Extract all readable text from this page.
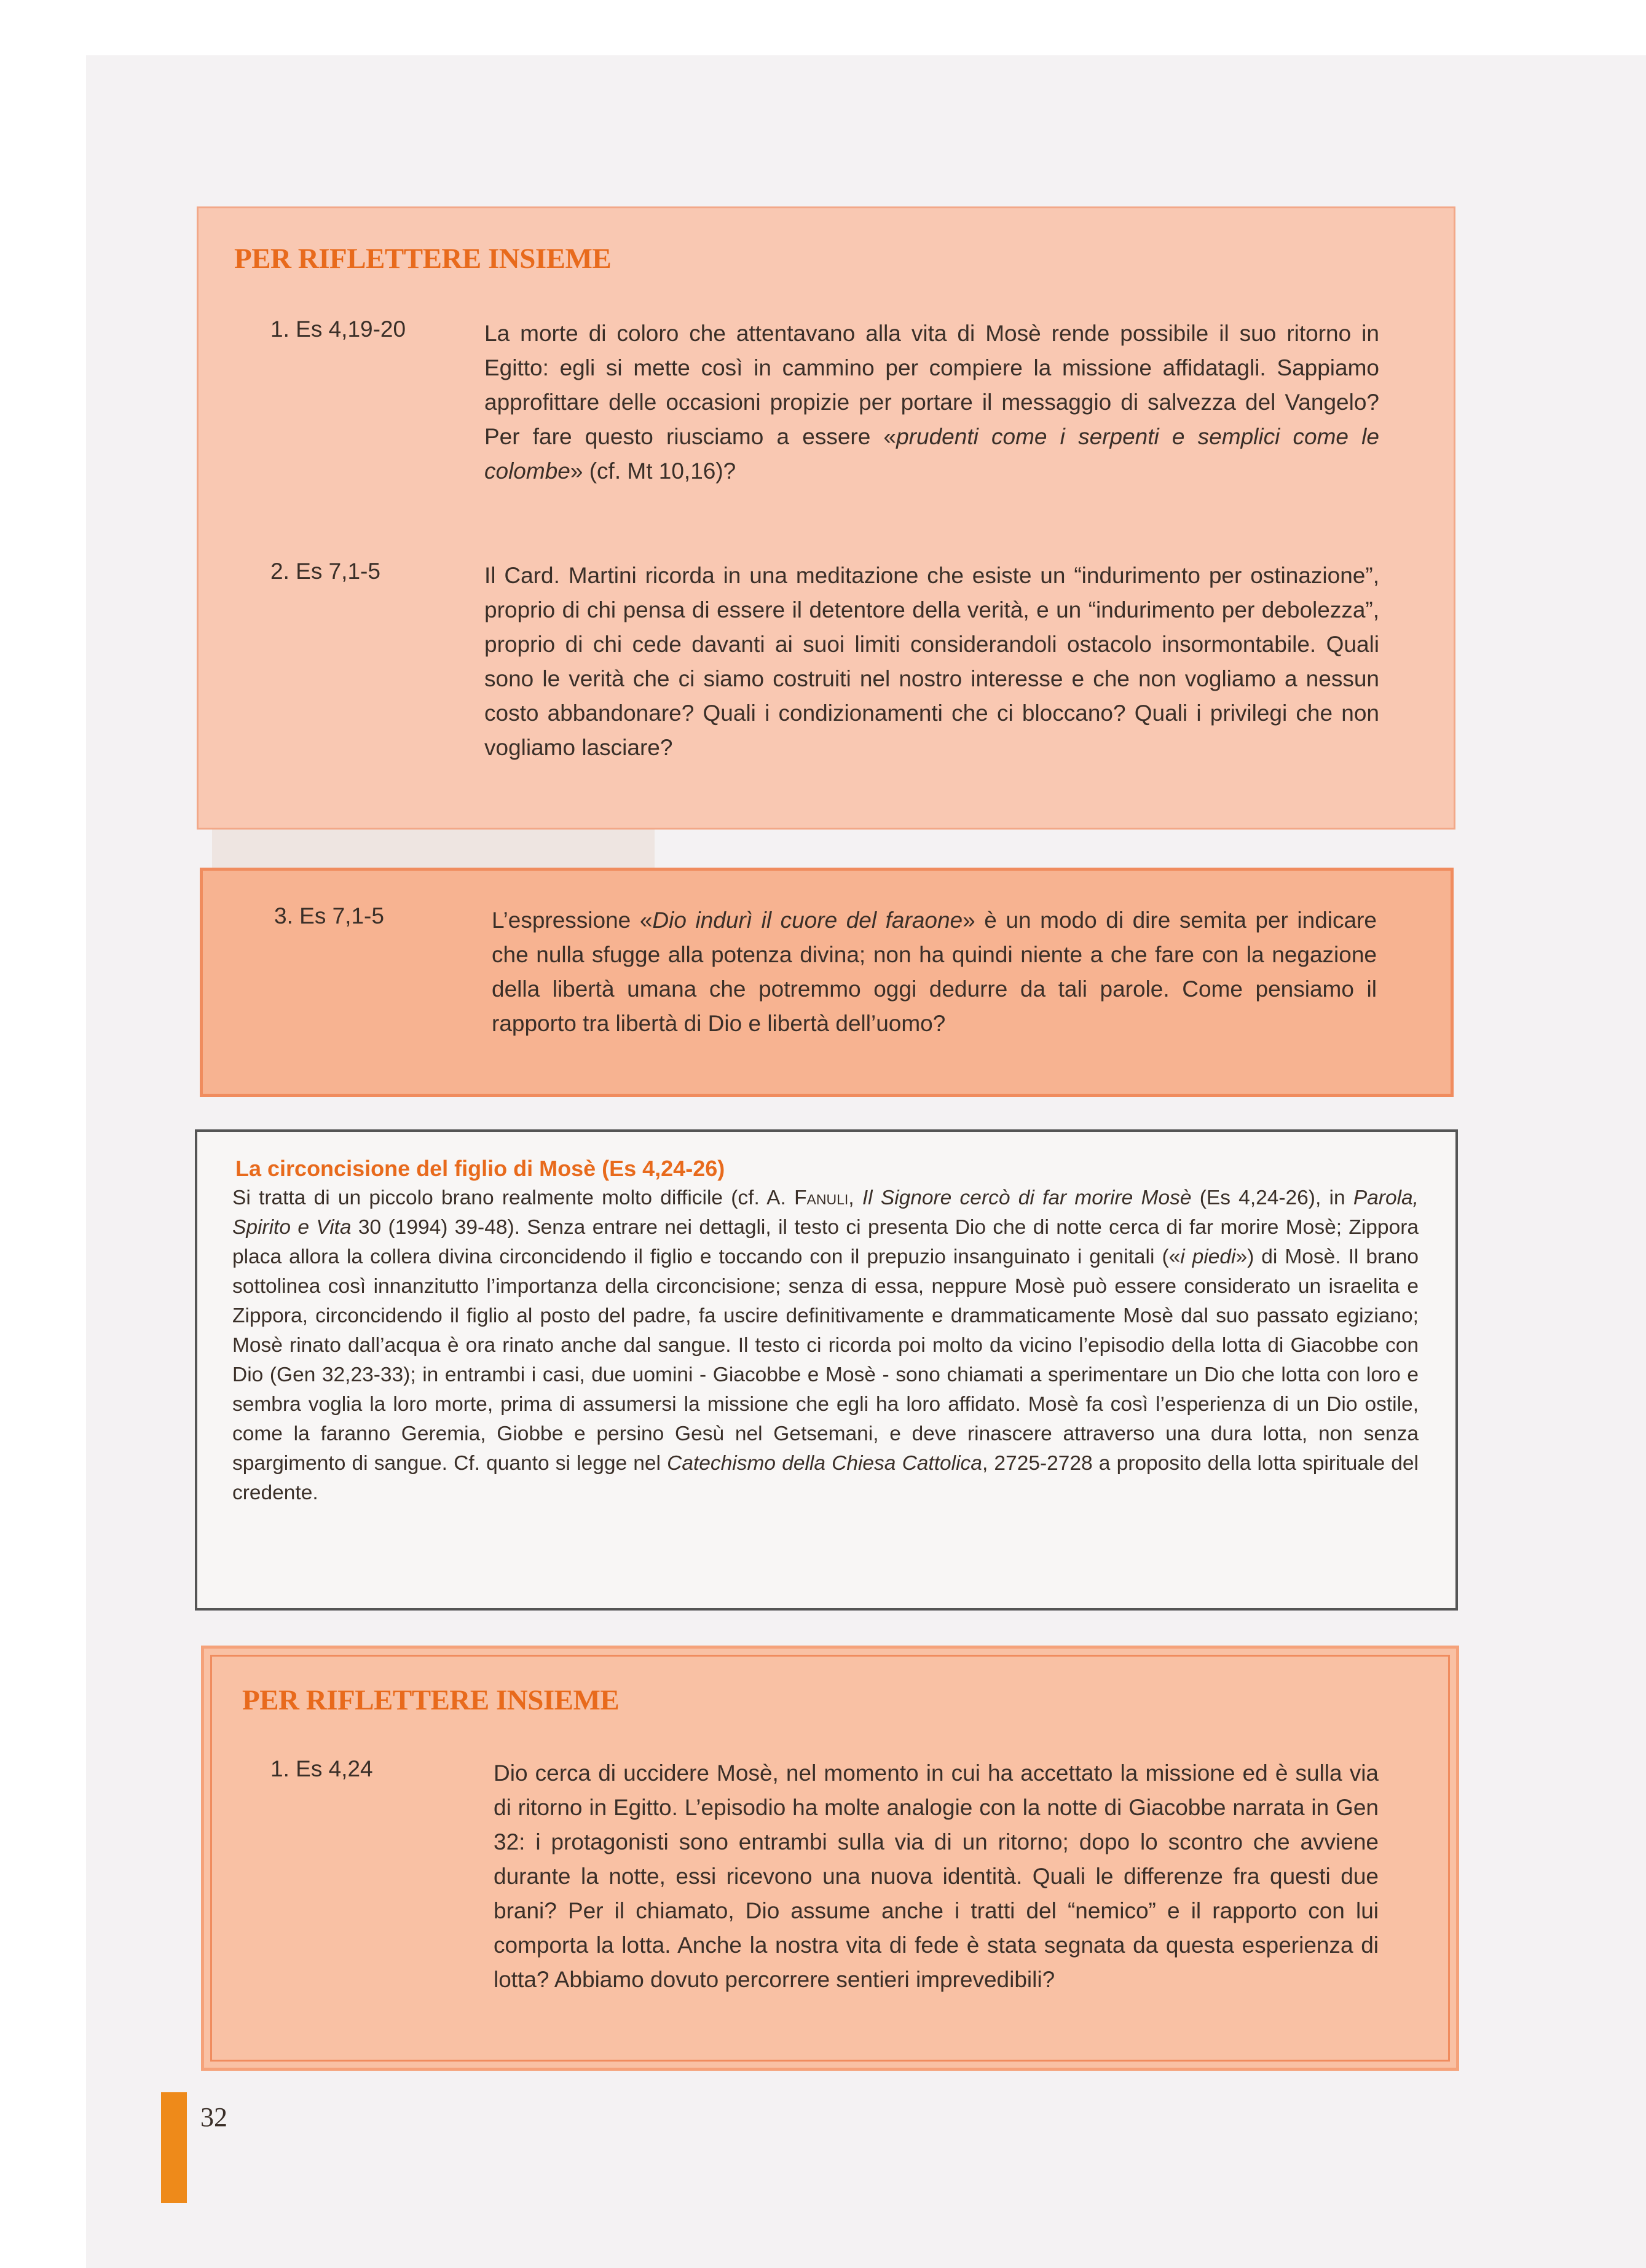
PER RIFLETTERE INSIEME
1. Es 4,19-20	La morte di coloro che attentavano alla vita di Mosè rende possibile il suo ritorno in Egitto: egli si mette così in cammino per compiere la missione affidatagli. Sappiamo approfittare delle occasioni propizie per portare il messaggio di salvezza del Vangelo? Per fare questo riusciamo a essere «prudenti come i serpenti e semplici come le colombe» (cf. Mt 10,16)?

2. Es 7,1-5	Il Card. Martini ricorda in una meditazione che esiste un “indurimento per ostinazione”, proprio di chi pensa di essere il detentore della verità, e un “indurimento per debolezza”, proprio di chi cede davanti ai suoi limiti considerandoli ostacolo insormontabile. Quali sono le verità che ci siamo costruiti nel nostro interesse e che non vogliamo a nessun costo abbandonare? Quali i condizionamenti che ci bloccano? Quali i privilegi che non vogliamo lasciare?

3. Es 7,1-5	L’espressione «Dio indurì il cuore del faraone» è un modo di dire semita per indicare che nulla sfugge alla potenza divina; non ha quindi niente a che fare con la negazione della libertà umana che potremmo oggi dedurre da tali parole. Come pensiamo il rapporto tra libertà di Dio e libertà dell’uomo?

La circoncisione del figlio di Mosè (Es 4,24-26)

Si tratta di un piccolo brano realmente molto difficile (cf. A. Fanuli, Il Signore cercò di far morire Mosè (Es 4,24-26), in Parola, Spirito e Vita 30 (1994) 39-48). Senza entrare nei dettagli, il testo ci presenta Dio che di notte cerca di far morire Mosè; Zippora placa allora la collera divina circoncidendo il figlio e toccando con il prepuzio insanguinato i genitali («i piedi») di Mosè. Il brano sottolinea così innanzitutto l’importanza della circoncisione; senza di essa, neppure Mosè può essere considerato un israelita e Zippora, circoncidendo il figlio al posto del padre, fa uscire definitivamente e drammaticamente Mosè dal suo passato egiziano; Mosè rinato dall’acqua è ora rinato anche dal sangue. Il testo ci ricorda poi molto da vicino l’episodio della lotta di Giacobbe con Dio (Gen 32,23-33); in entrambi i casi, due uomini - Giacobbe e Mosè - sono chiamati a sperimentare un Dio che lotta con loro e sembra voglia la loro morte, prima di assumersi la missione che egli ha loro affidato. Mosè fa così l’esperienza di un Dio ostile, come la faranno Geremia, Giobbe e persino Gesù nel Getsemani, e deve rinascere attraverso una dura lotta, non senza spargimento di sangue. Cf. quanto si legge nel Catechismo della Chiesa Cattolica, 2725-2728 a proposito della lotta spirituale del credente.

PER RIFLETTERE INSIEME
1. Es 4,24	Dio cerca di uccidere Mosè, nel momento in cui ha accettato la missione ed è sulla via di ritorno in Egitto. L’episodio ha molte analogie con la notte di Giacobbe narrata in Gen 32: i protagonisti sono entrambi sulla via di un ritorno; dopo lo scontro che avviene durante la notte, essi ricevono una nuova identità. Quali le differenze fra questi due brani? Per il chiamato, Dio assume anche i tratti del “nemico” e il rapporto con lui comporta la lotta. Anche la nostra vita di fede è stata segnata da questa esperienza di lotta? Abbiamo dovuto percorrere sentieri imprevedibili?

32
